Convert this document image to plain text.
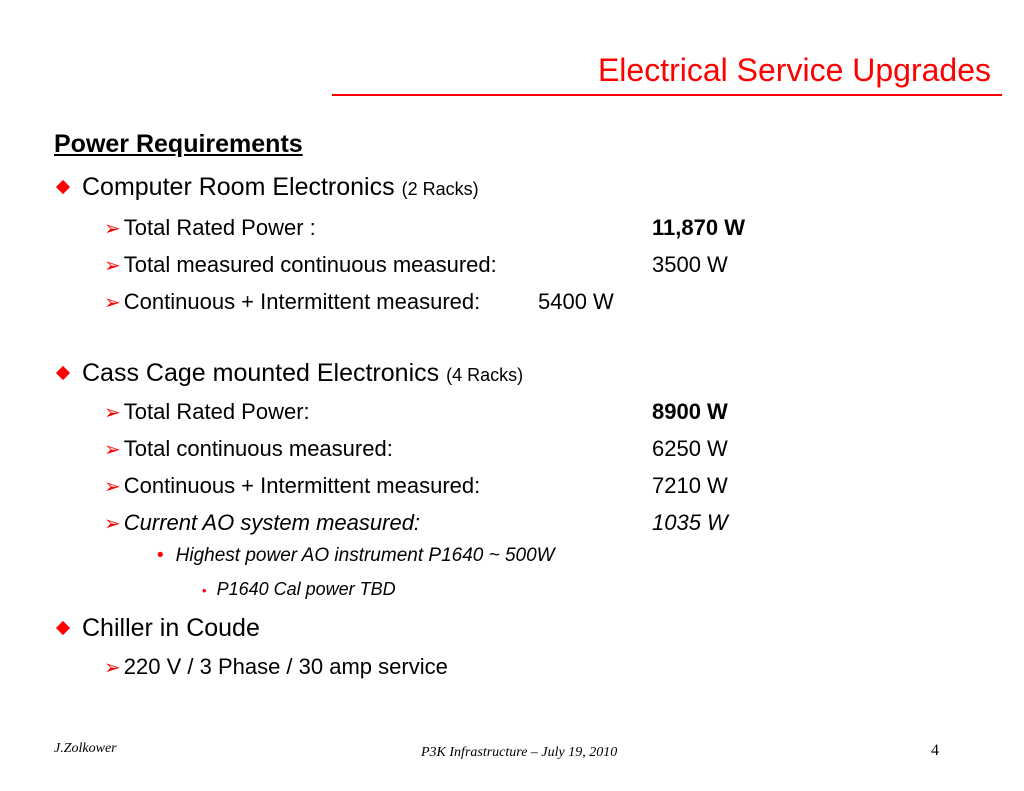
Electrical Service Upgrades
Power Requirements
Computer Room Electronics (2 Racks)
➢ Total Rated Power :	11,870 W
➢ Total measured continuous measured:	3500 W
➢ Continuous + Intermittent measured:	5400 W
Cass Cage mounted Electronics (4 Racks)
➢ Total Rated Power:	8900 W
➢ Total continuous measured:	6250 W
➢ Continuous + Intermittent measured:	7210 W
➢ Current AO system measured:	1035 W
• Highest power AO instrument P1640 ~ 500W
• P1640 Cal power TBD
Chiller in Coude
➢ 220 V / 3 Phase / 30 amp service
J.Zolkower	P3K Infrastructure – July 19, 2010	4
